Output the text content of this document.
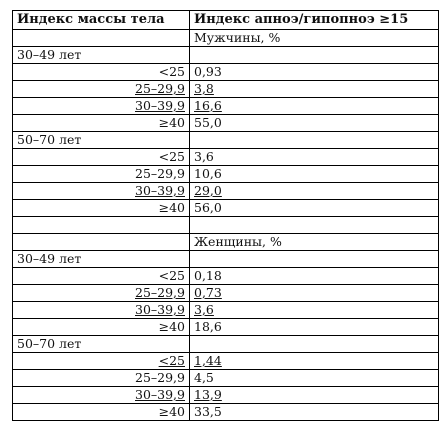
Индекс массы тела	Индекс апноэ/гипопноэ ≥15
	Мужчины, %
30–49 лет	
<25	0,93
25–29,9	3,8
30–39,9	16,6
≥40	55,0
50–70 лет	
<25	3,6
25–29,9	10,6
30–39,9	29,0
≥40	56,0

	Женщины, %
30–49 лет	
<25	0,18
25–29,9	0,73
30–39,9	3,6
≥40	18,6
50–70 лет	
<25	1,44
25–29,9	4,5
30–39,9	13,9
≥40	33,5
